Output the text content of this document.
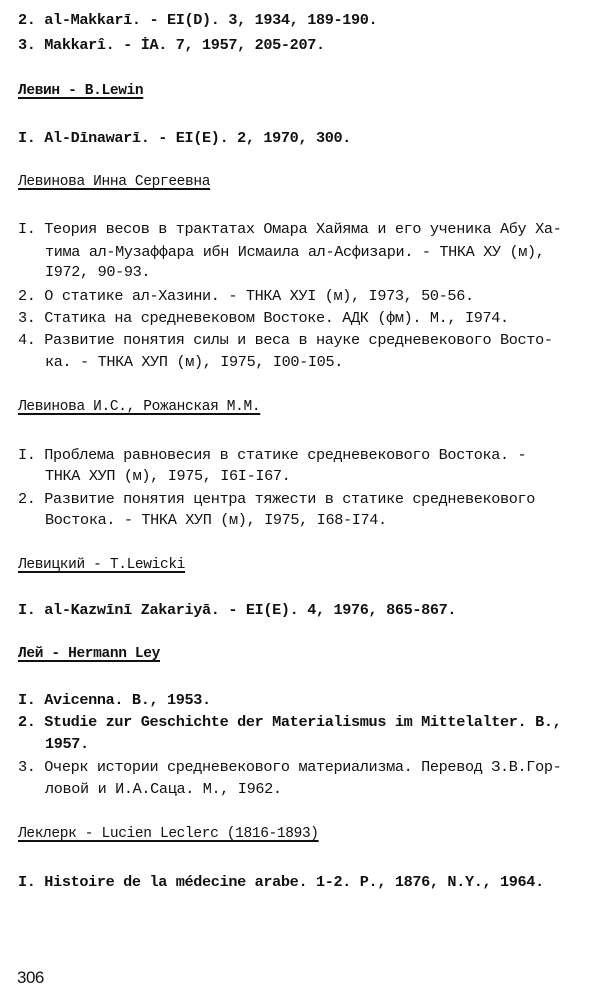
2. al-Makkarī. - EI(D). 3, 1934, 189-190.
3. Makkarî. - İA. 7, 1957, 205-207.
Левин - B.Lewin
I. Al-Dīnawarī. - EI(E). 2, 1970, 300.
Левинова Инна Сергеевна
I. Теория весов в трактатах Омара Хайяма и его ученика Абу Ха-
тима ал-Музаффара ибн Исмаила ал-Асфизари. - ТНКА ХУ (м),
I972, 90-93.
2. О статике ал-Хазини. - ТНКА ХУI (м), I973, 50-56.
3. Статика на средневековом Востоке. АДК (фм). М., I974.
4. Развитие понятия силы и веса в науке средневекового Восто-
ка. - ТНКА ХУП (м), I975, I00-I05.
Левинова И.С., Рожанская М.М.
I. Проблема равновесия в статике средневекового Востока. -
ТНКА ХУП (м), I975, I6I-I67.
2. Развитие понятия центра тяжести в статике средневекового
Востока. - ТНКА ХУП (м), I975, I68-I74.
Левицкий - T.Lewicki
I. al-Kazwīnī Zakariyā. - EI(E). 4, 1976, 865-867.
Лей - Hermann Ley
I. Avicenna. B., 1953.
2. Studie zur Geschichte der Materialismus im Mittelalter. B.,
1957.
3. Очерк истории средневекового материализма. Перевод З.В.Гор-
ловой и И.А.Саца. М., I962.
Леклерк - Lucien Leclerc (1816-1893)
I. Histoire de la médecine arabe. 1-2. P., 1876, N.Y., 1964.
306
